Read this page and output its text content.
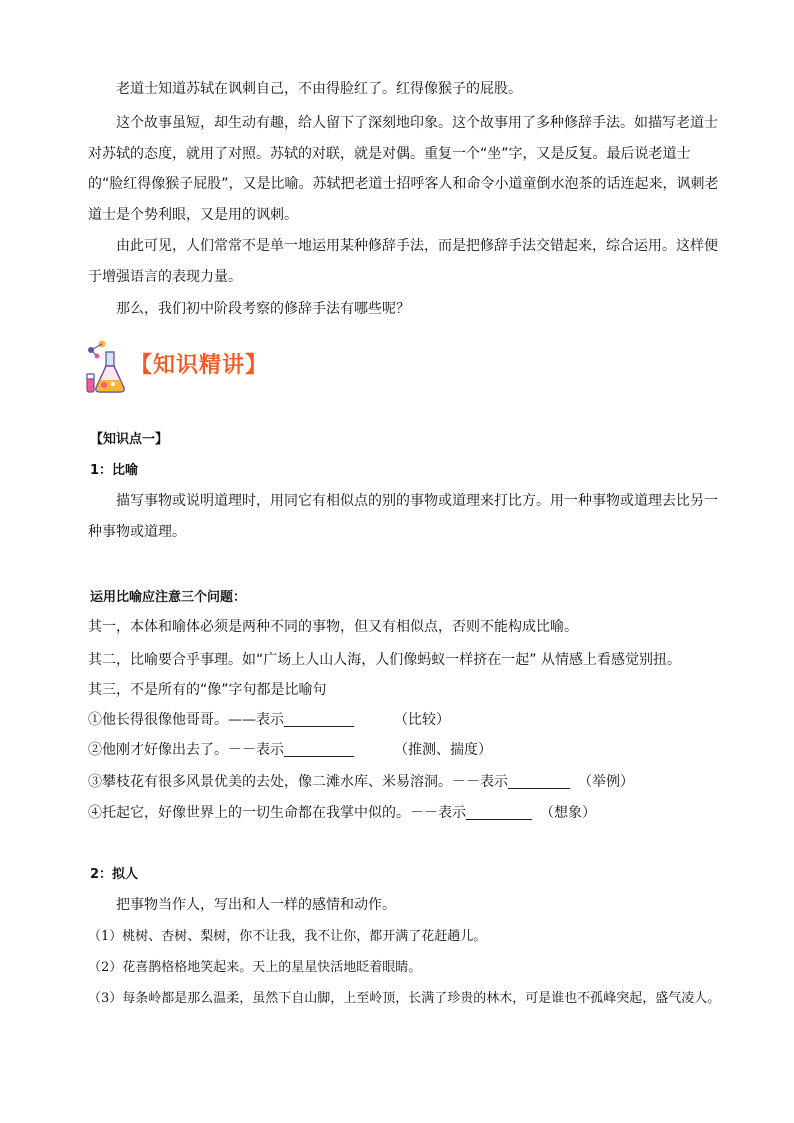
老道士知道苏轼在讽刺自己，不由得脸红了。红得像猴子的屁股。

这个故事虽短，却生动有趣，给人留下了深刻地印象。这个故事用了多种修辞手法。如描写老道士对苏轼的态度，就用了对照。苏轼的对联，就是对偶。重复一个“坐”字，又是反复。最后说老道士的“脸红得像猴子屁股”，又是比喻。苏轼把老道士招呼客人和命令小道童倒水泡茶的话连起来，讽刺老道士是个势利眼，又是用的讽刺。

由此可见，人们常常不是单一地运用某种修辞手法，而是把修辞手法交错起来，综合运用。这样便于增强语言的表现力量。

那么，我们初中阶段考察的修辞手法有哪些呢？

【知识精讲】

【知识点一】

1：比喻

描写事物或说明道理时，用同它有相似点的别的事物或道理来打比方。用一种事物或道理去比另一种事物或道理。

运用比喻应注意三个问题：

其一，本体和喻体必须是两种不同的事物，但又有相似点，否则不能构成比喻。

其二，比喻要合乎事理。如“广场上人山人海，人们像蚂蚁一样挤在一起” 从情感上看感觉别扭。

其三，不是所有的“像”字句都是比喻句

①他长得很像他哥哥。——表示	（比较）

②他刚才好像出去了。－－表示	（推测、揣度）

③攀枝花有很多风景优美的去处，像二滩水库、米易溶洞。－－表示	（举例）

④托起它，好像世界上的一切生命都在我掌中似的。－－表示	（想象）

2：拟人

把事物当作人，写出和人一样的感情和动作。

（1）桃树、杏树、梨树，你不让我，我不让你，都开满了花赶趟儿。

（2）花喜鹊格格地笑起来。天上的星星快活地眨着眼睛。

（3）每条岭都是那么温柔，虽然下自山脚，上至岭顶，长满了珍贵的林木，可是谁也不孤峰突起，盛气凌人。
